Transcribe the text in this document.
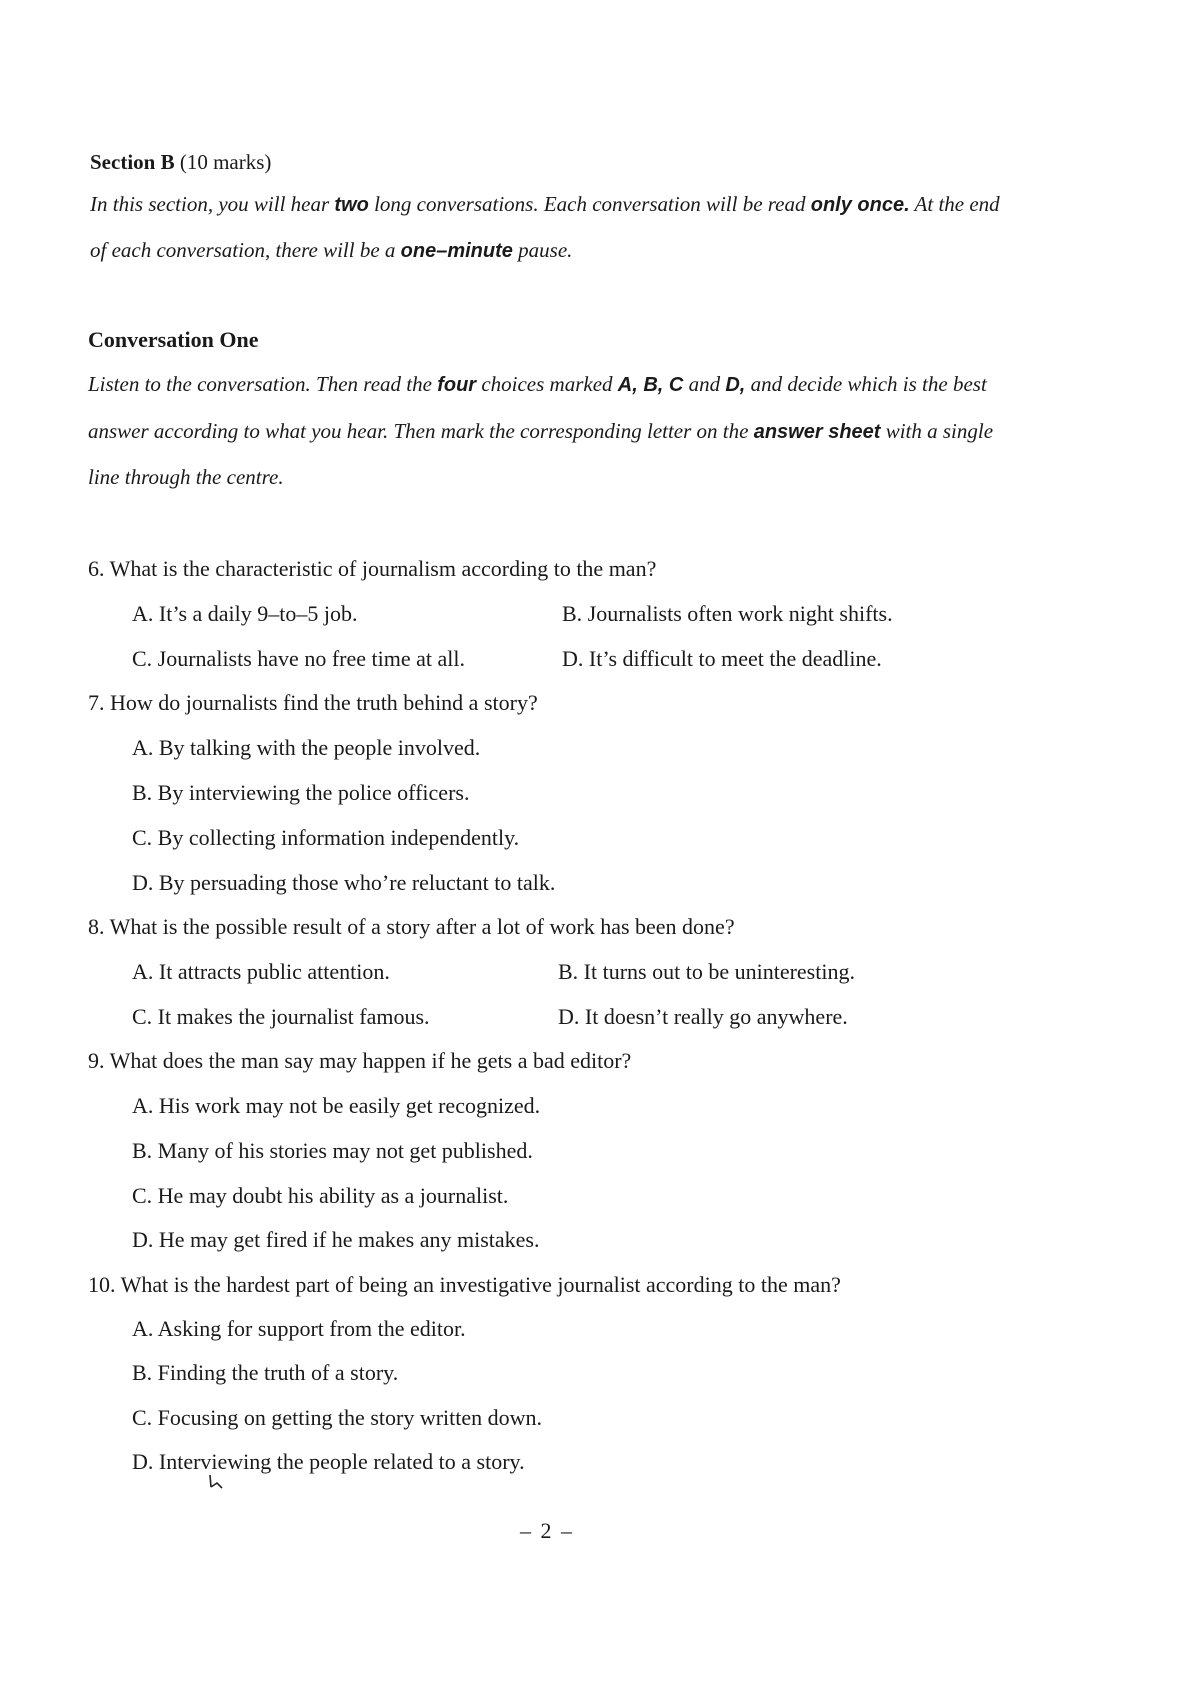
Section B (10 marks)
In this section, you will hear two long conversations. Each conversation will be read only once. At the end
of each conversation, there will be a one–minute pause.
Conversation One
Listen to the conversation. Then read the four choices marked A, B, C and D, and decide which is the best
answer according to what you hear. Then mark the corresponding letter on the answer sheet with a single
line through the centre.
6. What is the characteristic of journalism according to the man?
A. It’s a daily 9–to–5 job.	B. Journalists often work night shifts.
C. Journalists have no free time at all.	D. It’s difficult to meet the deadline.
7. How do journalists find the truth behind a story?
A. By talking with the people involved.
B. By interviewing the police officers.
C. By collecting information independently.
D. By persuading those who’re reluctant to talk.
8. What is the possible result of a story after a lot of work has been done?
A. It attracts public attention.	B. It turns out to be uninteresting.
C. It makes the journalist famous.	D. It doesn’t really go anywhere.
9. What does the man say may happen if he gets a bad editor?
A. His work may not be easily get recognized.
B. Many of his stories may not get published.
C. He may doubt his ability as a journalist.
D. He may get fired if he makes any mistakes.
10. What is the hardest part of being an investigative journalist according to the man?
A. Asking for support from the editor.
B. Finding the truth of a story.
C. Focusing on getting the story written down.
D. Interviewing the people related to a story.
– 2 –
